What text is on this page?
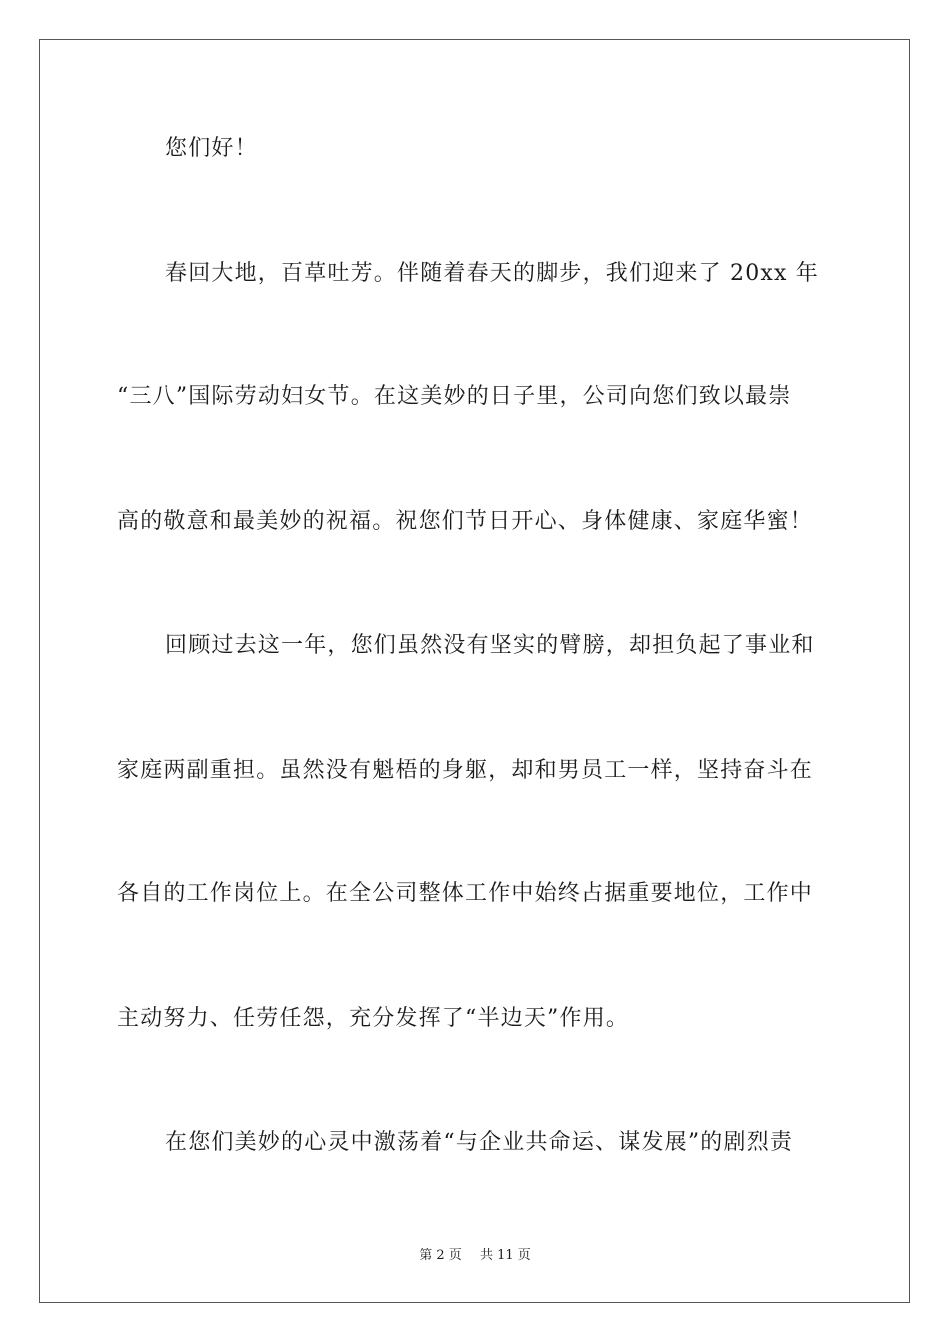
您们好！
春回大地，百草吐芳。伴随着春天的脚步，我们迎来了 20xx 年
“三八”国际劳动妇女节。在这美妙的日子里，公司向您们致以最崇
高的敬意和最美妙的祝福。祝您们节日开心、身体健康、家庭华蜜！
回顾过去这一年，您们虽然没有坚实的臂膀，却担负起了事业和
家庭两副重担。虽然没有魁梧的身躯，却和男员工一样，坚持奋斗在
各自的工作岗位上。在全公司整体工作中始终占据重要地位，工作中
主动努力、任劳任怨，充分发挥了“半边天”作用。
在您们美妙的心灵中激荡着“与企业共命运、谋发展”的剧烈责
第 2 页 共 11 页
